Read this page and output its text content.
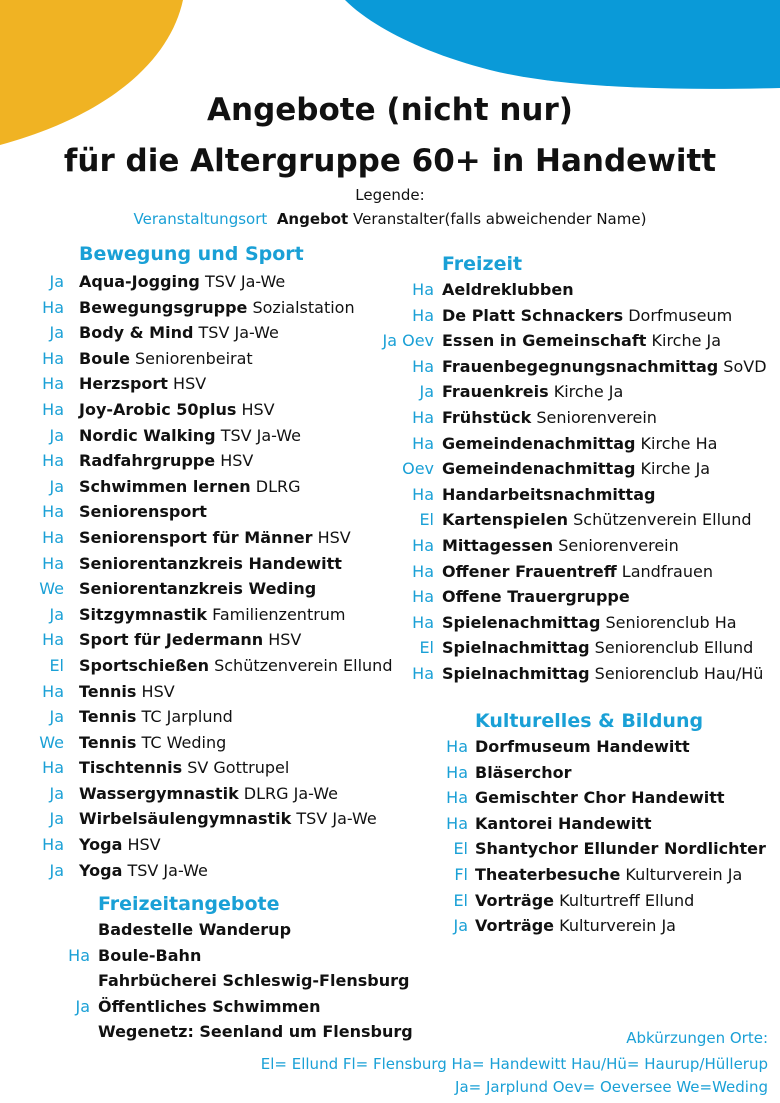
Angebote (nicht nur)
für die Altergruppe 60+ in Handewitt
Legende:
Veranstaltungsort Angebot Veranstalter(falls abweichender Name)
Bewegung und Sport
Ja Aqua-Jogging TSV Ja-We
Ha Bewegungsgruppe Sozialstation
Ja Body & Mind TSV Ja-We
Ha Boule Seniorenbeirat
Ha Herzsport HSV
Ha Joy-Arobic 50plus HSV
Ja Nordic Walking TSV Ja-We
Ha Radfahrgruppe HSV
Ja Schwimmen lernen DLRG
Ha Seniorensport
Ha Seniorensport für Männer HSV
Ha Seniorentanzkreis Handewitt
We Seniorentanzkreis Weding
Ja Sitzgymnastik Familienzentrum
Ha Sport für Jedermann HSV
El Sportschießen Schützenverein Ellund
Ha Tennis HSV
Ja Tennis TC Jarplund
We Tennis TC Weding
Ha Tischtennis SV Gottrupel
Ja Wassergymnastik DLRG Ja-We
Ja Wirbelsäulengymnastik TSV Ja-We
Ha Yoga HSV
Ja Yoga TSV Ja-We
Freizeitangebote
Badestelle Wanderup
Ha Boule-Bahn
Fahrbücherei Schleswig-Flensburg
Ja Öffentliches Schwimmen
Wegenetz: Seenland um Flensburg
Freizeit
Ha Aeldreklubben
Ha De Platt Schnackers Dorfmuseum
Ja Oev Essen in Gemeinschaft Kirche Ja
Ha Frauenbegegnungsnachmittag SoVD
Ja Frauenkreis Kirche Ja
Ha Frühstück Seniorenverein
Ha Gemeindenachmittag Kirche Ha
Oev Gemeindenachmittag Kirche Ja
Ha Handarbeitsnachmittag
El Kartenspielen Schützenverein Ellund
Ha Mittagessen Seniorenverein
Ha Offener Frauentreff Landfrauen
Ha Offene Trauergruppe
Ha Spielenachmittag Seniorenclub Ha
El Spielnachmittag Seniorenclub Ellund
Ha Spielnachmittag Seniorenclub Hau/Hü
Kulturelles & Bildung
Ha Dorfmuseum Handewitt
Ha Bläserchor
Ha Gemischter Chor Handewitt
Ha Kantorei Handewitt
El Shantychor Ellunder Nordlichter
Fl Theaterbesuche Kulturverein Ja
El Vorträge Kulturtreff Ellund
Ja Vorträge Kulturverein Ja
Abkürzungen Orte:
El= Ellund Fl= Flensburg Ha= Handewitt Hau/Hü= Haurup/Hüllerup
Ja= Jarplund Oev= Oeversee We=Weding
